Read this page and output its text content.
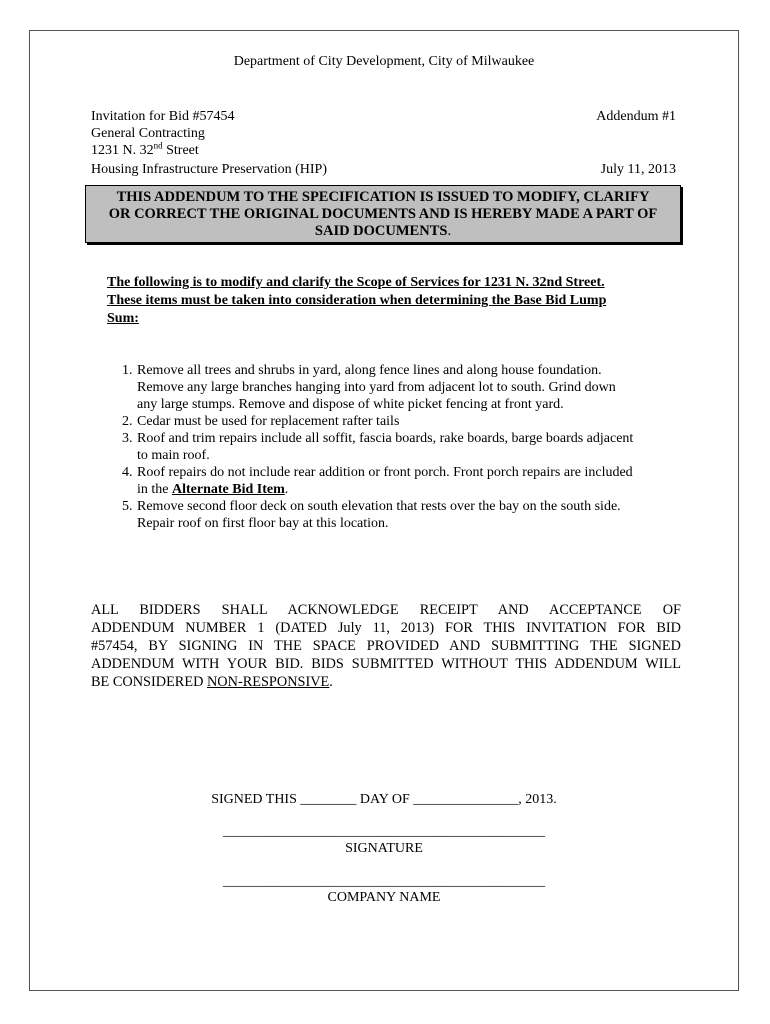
Department of City Development, City of Milwaukee
Invitation for Bid #57454	Addendum #1
General Contracting
1231 N. 32nd Street
Housing Infrastructure Preservation (HIP)	July 11, 2013
THIS ADDENDUM TO THE SPECIFICATION IS ISSUED TO MODIFY, CLARIFY
OR CORRECT THE ORIGINAL DOCUMENTS AND IS HEREBY MADE A PART OF
SAID DOCUMENTS.
The following is to modify and clarify the Scope of Services for 1231 N. 32nd Street.
These items must be taken into consideration when determining the Base Bid Lump
Sum:
1. Remove all trees and shrubs in yard, along fence lines and along house foundation.
Remove any large branches hanging into yard from adjacent lot to south. Grind down
any large stumps. Remove and dispose of white picket fencing at front yard.
2. Cedar must be used for replacement rafter tails
3. Roof and trim repairs include all soffit, fascia boards, rake boards, barge boards adjacent
to main roof.
4. Roof repairs do not include rear addition or front porch. Front porch repairs are included
in the Alternate Bid Item.
5. Remove second floor deck on south elevation that rests over the bay on the south side.
Repair roof on first floor bay at this location.
ALL BIDDERS SHALL ACKNOWLEDGE RECEIPT AND ACCEPTANCE OF
ADDENDUM NUMBER 1 (DATED July 11, 2013) FOR THIS INVITATION FOR BID
#57454, BY SIGNING IN THE SPACE PROVIDED AND SUBMITTING THE SIGNED
ADDENDUM WITH YOUR BID. BIDS SUBMITTED WITHOUT THIS ADDENDUM WILL
BE CONSIDERED NON-RESPONSIVE.
SIGNED THIS ________ DAY OF _______________, 2013.
______________________________________________
SIGNATURE
______________________________________________
COMPANY NAME
